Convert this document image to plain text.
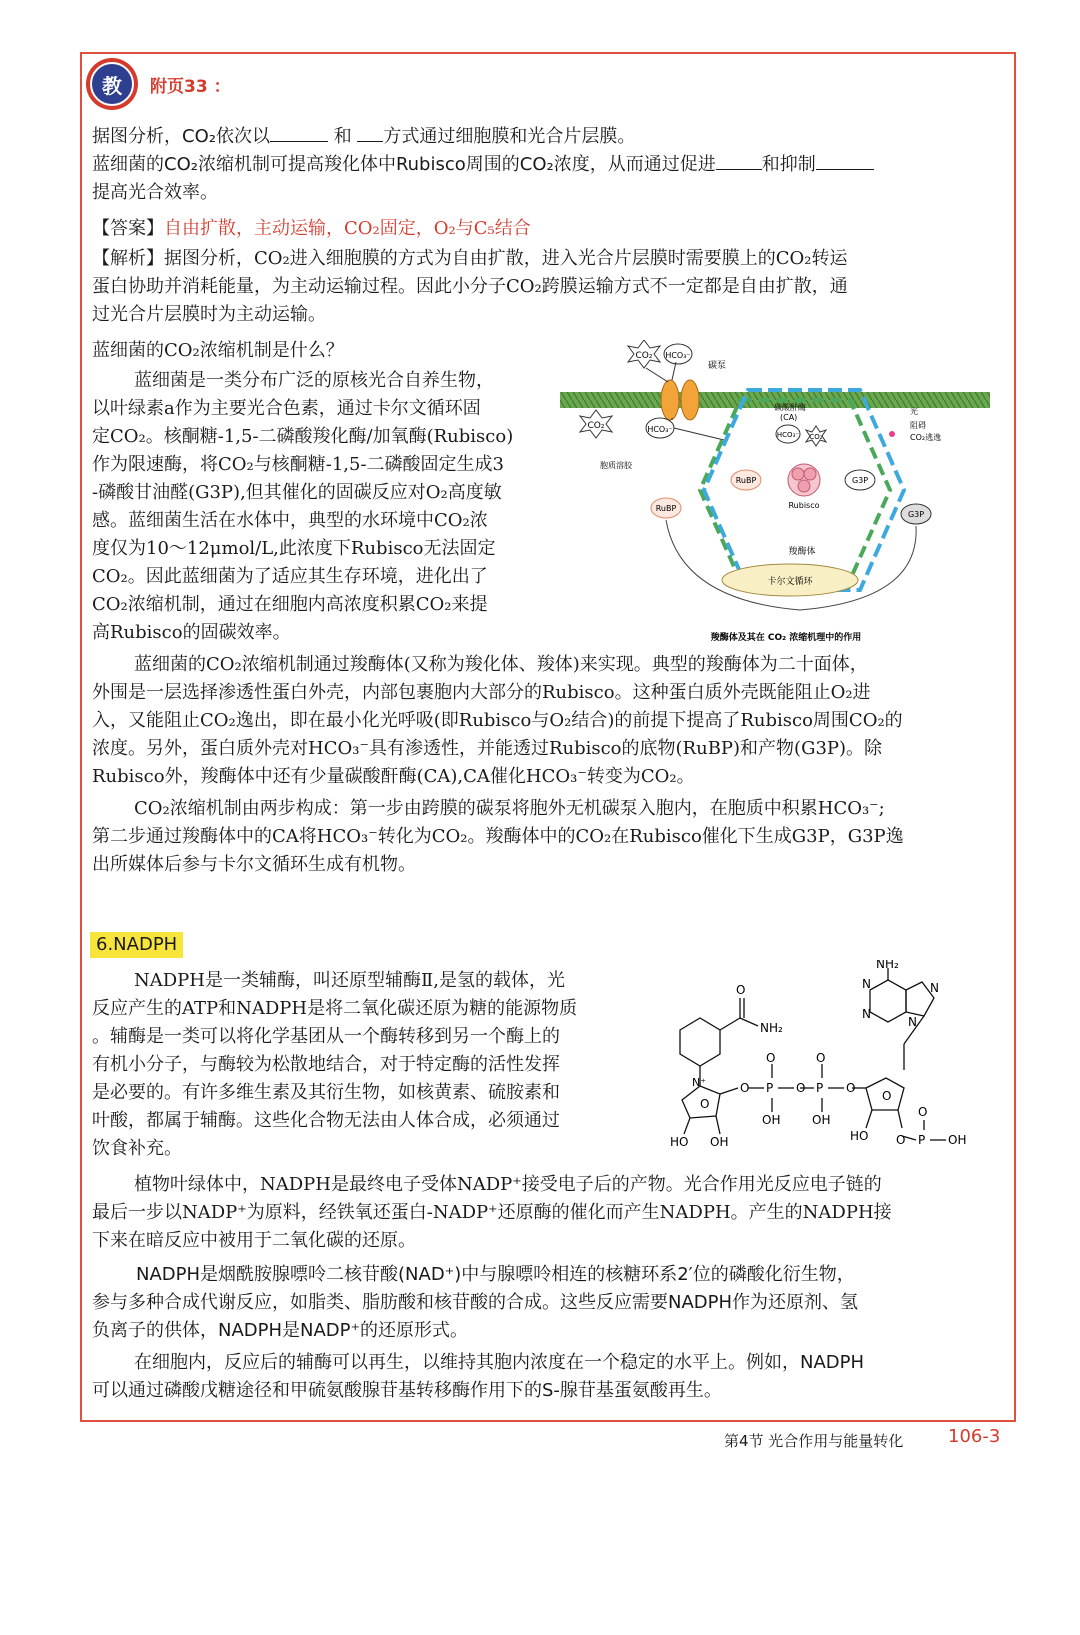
教	附页33 ：
据图分析，CO₂依次以	和 方式通过细胞膜和光合片层膜。
蓝细菌的CO₂浓缩机制可提高羧化体中Rubisco周围的CO₂浓度，从而通过促进	和抑制
提高光合效率。
【答案】自由扩散，主动运输，CO₂固定，O₂与C₅结合
【解析】据图分析，CO₂进入细胞膜的方式为自由扩散，进入光合片层膜时需要膜上的CO₂转运
蛋白协助并消耗能量，为主动运输过程。因此小分子CO₂跨膜运输方式不一定都是自由扩散，通
过光合片层膜时为主动运输。
蓝细菌的CO₂浓缩机制是什么？
蓝细菌是一类分布广泛的原核光合自养生物，
以叶绿素a作为主要光合色素，通过卡尔文循环固
定CO₂。核酮糖-1,5-二磷酸羧化酶/加氧酶(Rubisco)
作为限速酶，将CO₂与核酮糖-1,5-二磷酸固定生成3
-磷酸甘油醛(G3P),但其催化的固碳反应对O₂高度敏
感。蓝细菌生活在水体中，典型的水环境中CO₂浓
度仅为10～12μmol/L,此浓度下Rubisco无法固定
CO₂。因此蓝细菌为了适应其生存环境，进化出了
CO₂浓缩机制，通过在细胞内高浓度积累CO₂来提
高Rubisco的固碳效率。
CO₂ HCO₃⁻
碳泵
CO₂	HCO₃⁻
碳酸酐酶
(CA)
HCO₃⁻ CO₂
光
阻碍
CO₂逃逸
胞质溶胶
RuBP
Rubisco
G3P
RuBP
G3P
羧酶体
卡尔文循环
羧酶体及其在 CO₂ 浓缩机理中的作用
蓝细菌的CO₂浓缩机制通过羧酶体(又称为羧化体、羧体)来实现。典型的羧酶体为二十面体，
外围是一层选择渗透性蛋白外壳，内部包裹胞内大部分的Rubisco。这种蛋白质外壳既能阻止O₂进
入，又能阻止CO₂逸出，即在最小化光呼吸(即Rubisco与O₂结合)的前提下提高了Rubisco周围CO₂的
浓度。另外，蛋白质外壳对HCO₃⁻具有渗透性，并能透过Rubisco的底物(RuBP)和产物(G3P)。除
Rubisco外，羧酶体中还有少量碳酸酐酶(CA),CA催化HCO₃⁻转变为CO₂。
CO₂浓缩机制由两步构成：第一步由跨膜的碳泵将胞外无机碳泵入胞内，在胞质中积累HCO₃⁻;
第二步通过羧酶体中的CA将HCO₃⁻转化为CO₂。羧酶体中的CO₂在Rubisco催化下生成G3P，G3P逸
出所媒体后参与卡尔文循环生成有机物。
6.NADPH
NADPH是一类辅酶，叫还原型辅酶Ⅱ,是氢的载体，光
反应产生的ATP和NADPH是将二氧化碳还原为糖的能源物质
。辅酶是一类可以将化学基团从一个酶转移到另一个酶上的
有机小分子，与酶较为松散地结合，对于特定酶的活性发挥
是必要的。有许多维生素及其衍生物，如核黄素、硫胺素和
叶酸，都属于辅酶。这些化合物无法由人体合成，必须通过
饮食补充。
O
NH₂
N⁺	O P
O
OH
O P
O
OH
O
O
HO OH
O
HO O P
O
OH
NH₂
N
N
N
N
植物叶绿体中，NADPH是最终电子受体NADP⁺接受电子后的产物。光合作用光反应电子链的
最后一步以NADP⁺为原料，经铁氧还蛋白-NADP⁺还原酶的催化而产生NADPH。产生的NADPH接
下来在暗反应中被用于二氧化碳的还原。
NADPH是烟酰胺腺嘌呤二核苷酸(NAD⁺)中与腺嘌呤相连的核糖环系2′位的磷酸化衍生物，
参与多种合成代谢反应，如脂类、脂肪酸和核苷酸的合成。这些反应需要NADPH作为还原剂、氢
负离子的供体，NADPH是NADP⁺的还原形式。
在细胞内，反应后的辅酶可以再生，以维持其胞内浓度在一个稳定的水平上。例如，NADPH
可以通过磷酸戊糖途径和甲硫氨酸腺苷基转移酶作用下的S-腺苷基蛋氨酸再生。
第4节 光合作用与能量转化 106-3
